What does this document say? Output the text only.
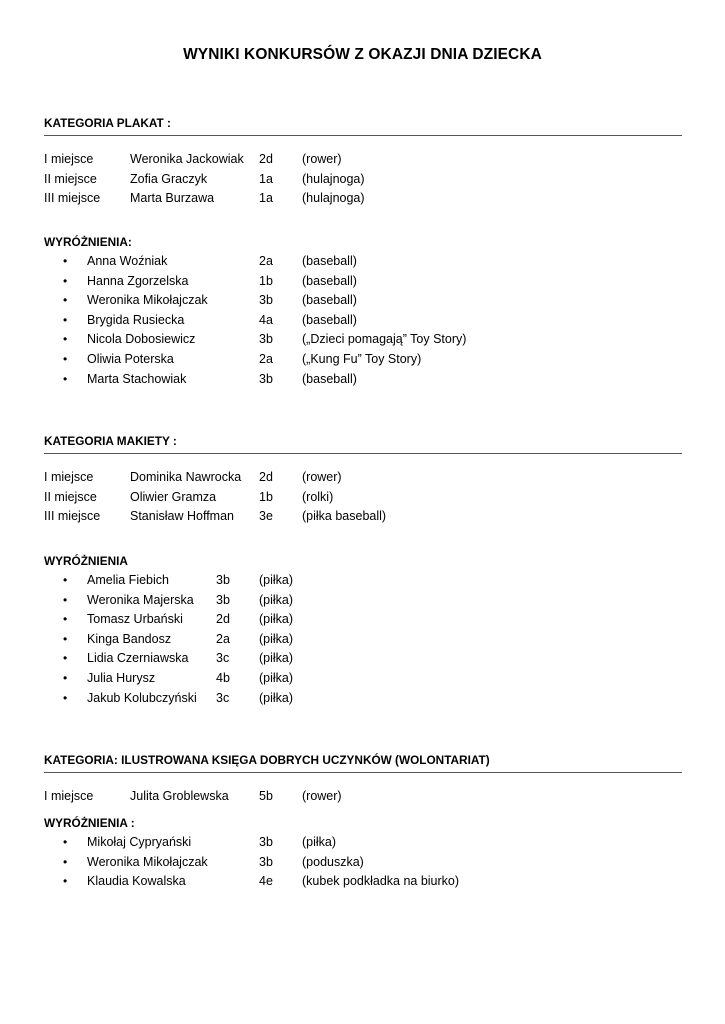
WYNIKI KONKURSÓW Z OKAZJI DNIA DZIECKA
KATEGORIA PLAKAT :
I miejsce	Weronika Jackowiak 2d (rower)
II miejsce	Zofia Graczyk	1a (hulajnoga)
III miejsce Marta Burzawa	1a (hulajnoga)
WYRÓŻNIENIA:
• Anna Woźniak	2a (baseball)
• Hanna Zgorzelska	1b (baseball)
• Weronika Mikołajczak	3b (baseball)
• Brygida Rusiecka	4a (baseball)
• Nicola Dobosiewicz	3b („Dzieci pomagają” Toy Story)
• Oliwia Poterska	2a („Kung Fu” Toy Story)
• Marta Stachowiak	3b (baseball)
KATEGORIA MAKIETY :
I miejsce	Dominika Nawrocka 2d (rower)
II miejsce	Oliwier Gramza	1b (rolki)
III miejsce Stanisław Hoffman 3e (piłka baseball)
WYRÓŻNIENIA
• Amelia Fiebich	3b (piłka)
• Weronika Majerska 3b (piłka)
• Tomasz Urbański	2d (piłka)
• Kinga Bandosz	2a (piłka)
• Lidia Czerniawska 3c (piłka)
• Julia Hurysz	4b (piłka)
• Jakub Kolubczyński 3c (piłka)
KATEGORIA: ILUSTROWANA KSIĘGA DOBRYCH UCZYNKÓW (WOLONTARIAT)
I miejsce	Julita Groblewska 5b (rower)
WYRÓŻNIENIA :
• Mikołaj Cypryański	3b (piłka)
• Weronika Mikołajczak	3b (poduszka)
• Klaudia Kowalska	4e (kubek podkładka na biurko)
